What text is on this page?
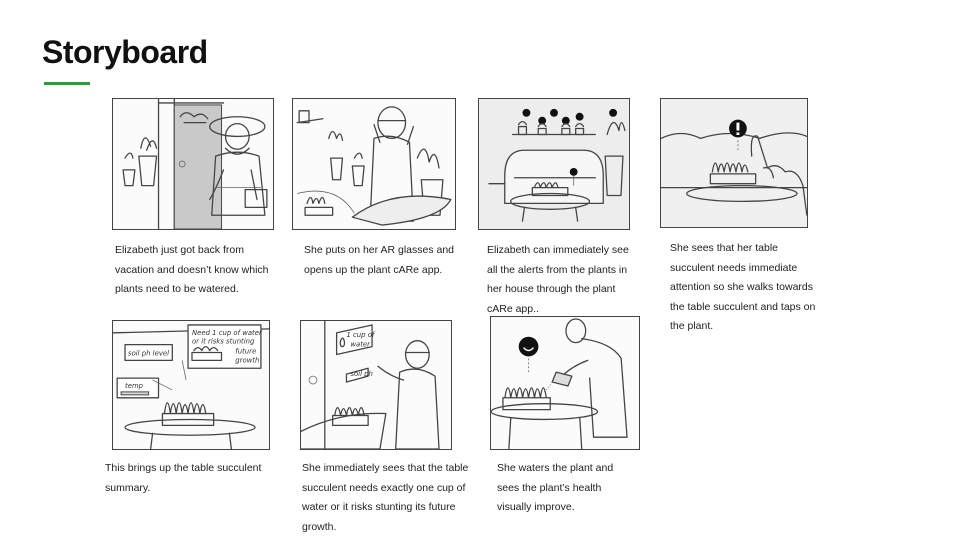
Storyboard
Elizabeth just got back from vacation and doesn’t know which plants need to be watered.
She puts on her AR glasses and opens up the plant cARe app.
Elizabeth can immediately see all the alerts from the plants in her house through the plant cARe app..
She sees that her table succulent needs immediate attention so she walks towards the table succulent and taps on the plant.
Need 1 cup of water
or it risks stunting
future
growth
soil ph level
temp
This brings up the table succulent summary.
1 cup of
water
soil ph
She immediately sees that the table succulent needs exactly one cup of water or it risks stunting its future growth.
She waters the plant and sees the plant’s health visually improve.
